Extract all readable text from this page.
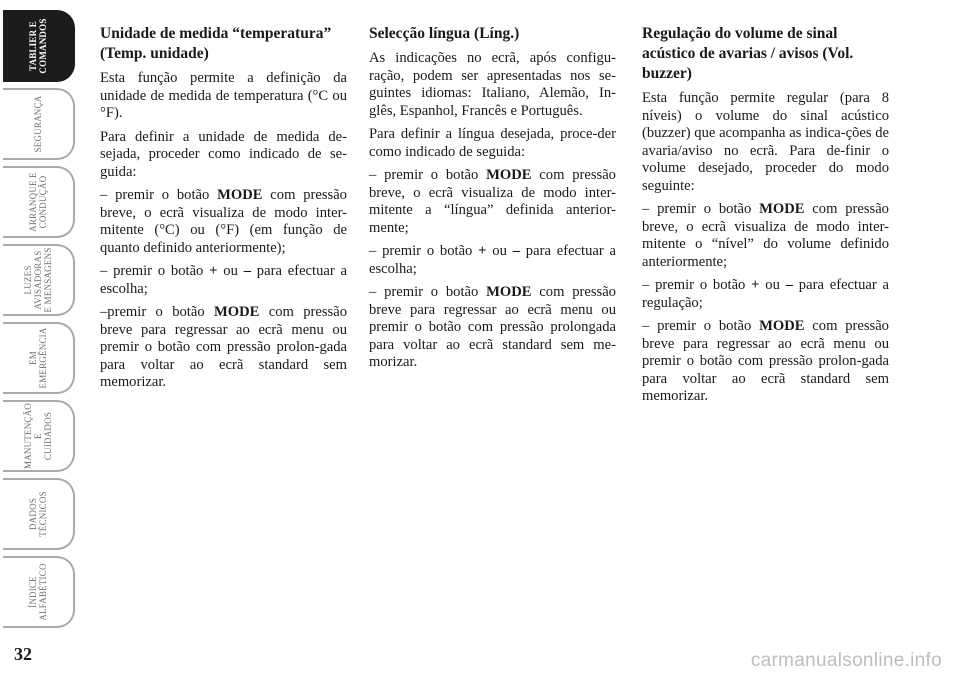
TABLIER E
COMANDOS
SEGURANÇA
ARRANQUE E
CONDUÇÃO
LUZES
AVISADORAS
E MENSAGENS
EM
EMERGÊNCIA
MANUTENÇÃO E
CUIDADOS
DADOS
TÉCNICOS
ÍNDICE
ALFABÉTICO
32
Unidade de medida “temperatura” (Temp. unidade)

Esta função permite a definição da unidade de medida de temperatura (°C ou °F).

Para definir a unidade de medida de-sejada, proceder como indicado de se-guida:

– premir o botão MODE com pressão breve, o ecrã visualiza de modo inter-mitente (°C) ou (°F) (em função de quanto definido anteriormente);

– premir o botão + ou – para efectuar a escolha;

–premir o botão MODE com pressão breve para regressar ao ecrã menu ou premir o botão com pressão prolon-gada para voltar ao ecrã standard sem memorizar.

Selecção língua (Líng.)

As indicações no ecrã, após configu-ração, podem ser apresentadas nos se-guintes idiomas: Italiano, Alemão, In-glês, Espanhol, Francês e Português.

Para definir a língua desejada, proce-der como indicado de seguida:

– premir o botão MODE com pressão breve, o ecrã visualiza de modo inter-mitente a “língua” definida anterior-mente;

– premir o botão + ou – para efectuar a escolha;

– premir o botão MODE com pressão breve para regressar ao ecrã menu ou premir o botão com pressão prolongada para voltar ao ecrã standard sem me-morizar.

Regulação do volume de sinal acústico de avarias / avisos (Vol. buzzer)

Esta função permite regular (para 8 níveis) o volume do sinal acústico (buzzer) que acompanha as indica-ções de avaria/aviso no ecrã. Para de-finir o volume desejado, proceder do modo seguinte:

– premir o botão MODE com pressão breve, o ecrã visualiza de modo inter-mitente o “nível” do volume definido anteriormente;

– premir o botão + ou – para efectuar a regulação;

– premir o botão MODE com pressão breve para regressar ao ecrã menu ou premir o botão com pressão prolon-gada para voltar ao ecrã standard sem memorizar.

carmanualsonline.info
